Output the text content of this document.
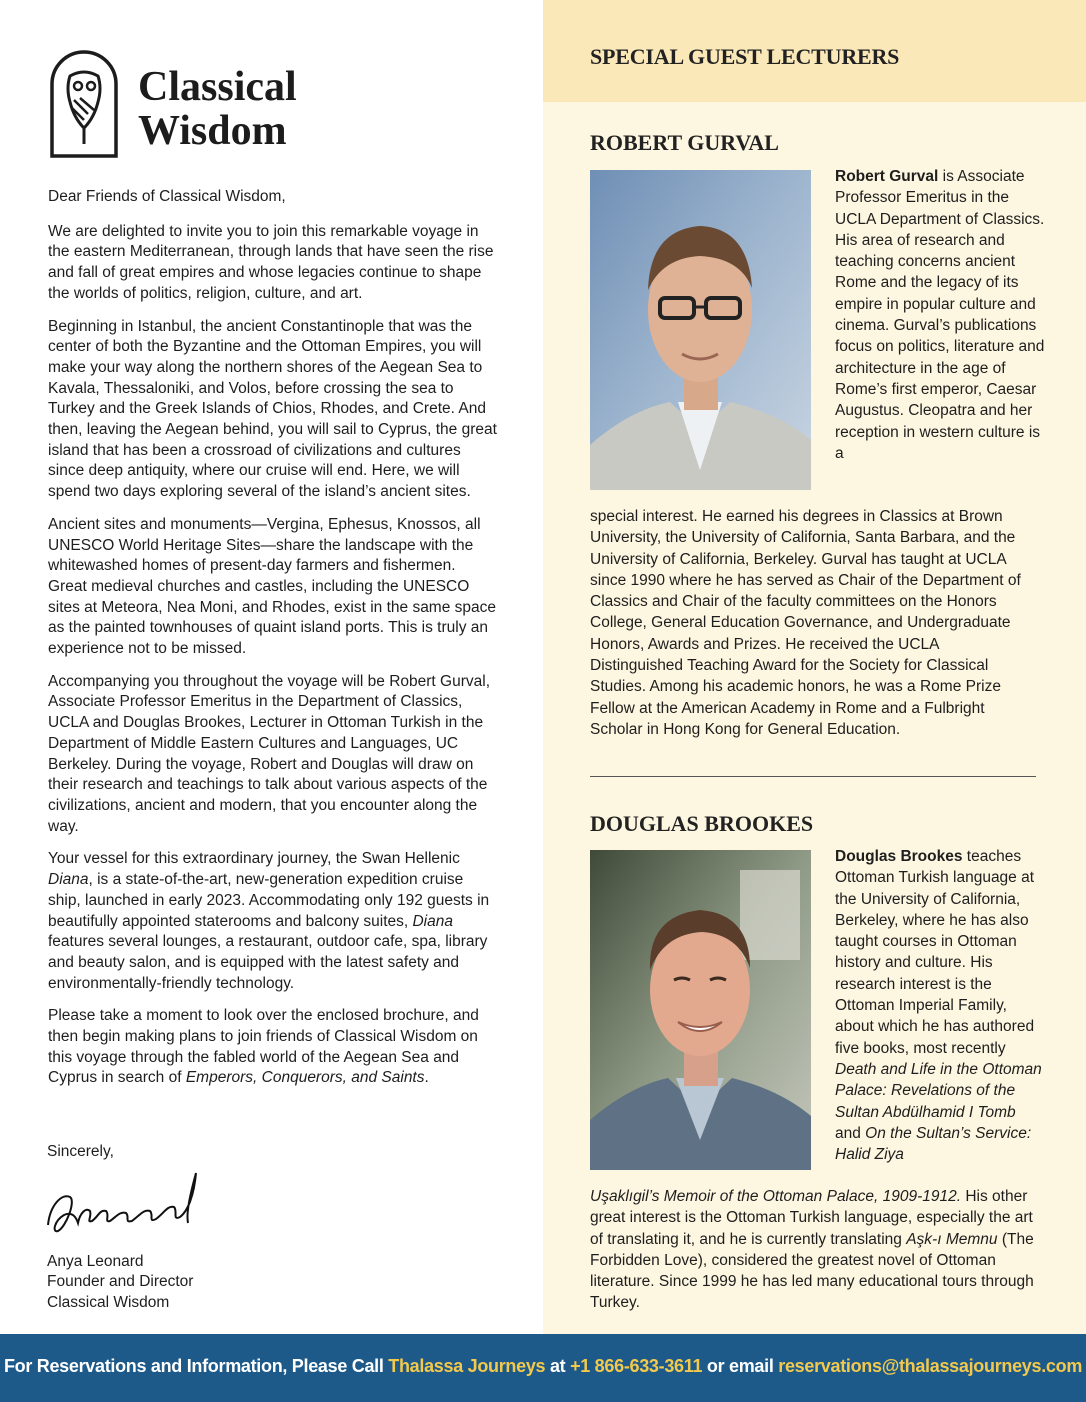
Classical
Wisdom

Dear Friends of Classical Wisdom,

We are delighted to invite you to join this remarkable voyage in the eastern Mediterranean, through lands that have seen the rise and fall of great empires and whose legacies continue to shape the worlds of politics, religion, culture, and art.

Beginning in Istanbul, the ancient Constantinople that was the center of both the Byzantine and the Ottoman Empires, you will make your way along the northern shores of the Aegean Sea to Kavala, Thessaloniki, and Volos, before crossing the sea to Turkey and the Greek Islands of Chios, Rhodes, and Crete. And then, leaving the Aegean behind, you will sail to Cyprus, the great island that has been a crossroad of civilizations and cultures since deep antiquity, where our cruise will end. Here, we will spend two days exploring several of the island’s ancient sites.

Ancient sites and monuments—Vergina, Ephesus, Knossos, all UNESCO World Heritage Sites—share the landscape with the whitewashed homes of present-day farmers and fishermen. Great medieval churches and castles, including the UNESCO sites at Meteora, Nea Moni, and Rhodes, exist in the same space as the painted townhouses of quaint island ports. This is truly an experience not to be missed.

Accompanying you throughout the voyage will be Robert Gurval, Associate Professor Emeritus in the Department of Classics, UCLA and Douglas Brookes, Lecturer in Ottoman Turkish in the Department of Middle Eastern Cultures and Languages, UC Berkeley. During the voyage, Robert and Douglas will draw on their research and teachings to talk about various aspects of the civilizations, ancient and modern, that you encounter along the way.

Your vessel for this extraordinary journey, the Swan Hellenic Diana, is a state-of-the-art, new-generation expedition cruise ship, launched in early 2023. Accommodating only 192 guests in beautifully appointed staterooms and balcony suites, Diana features several lounges, a restaurant, outdoor cafe, spa, library and beauty salon, and is equipped with the latest safety and environmentally-friendly technology.

Please take a moment to look over the enclosed brochure, and then begin making plans to join friends of Classical Wisdom on this voyage through the fabled world of the Aegean Sea and Cyprus in search of Emperors, Conquerors, and Saints.

Sincerely,
Anya Leonard
Founder and Director
Classical Wisdom
SPECIAL GUEST LECTURERS
ROBERT GURVAL
Robert Gurval is Associate Professor Emeritus in the UCLA Department of Classics. His area of research and teaching concerns ancient Rome and the legacy of its empire in popular culture and cinema. Gurval’s publications focus on politics, literature and architecture in the age of Rome’s first emperor, Caesar Augustus. Cleopatra and her reception in western culture is a
special interest. He earned his degrees in Classics at Brown University, the University of California, Santa Barbara, and the University of California, Berkeley. Gurval has taught at UCLA since 1990 where he has served as Chair of the Department of Classics and Chair of the faculty committees on the Honors College, General Education Governance, and Undergraduate Honors, Awards and Prizes. He received the UCLA Distinguished Teaching Award for the Society for Classical Studies. Among his academic honors, he was a Rome Prize Fellow at the American Academy in Rome and a Fulbright Scholar in Hong Kong for General Education.
DOUGLAS BROOKES
Douglas Brookes teaches Ottoman Turkish language at the University of California, Berkeley, where he has also taught courses in Ottoman history and culture. His research interest is the Ottoman Imperial Family, about which he has authored five books, most recently Death and Life in the Ottoman Palace: Revelations of the Sultan Abdülhamid I Tomb and On the Sultan’s Service: Halid Ziya
Uşaklıgil’s Memoir of the Ottoman Palace, 1909-1912. His other great interest is the Ottoman Turkish language, especially the art of translating it, and he is currently translating Aşk-ı Memnu (The Forbidden Love), considered the greatest novel of Ottoman literature. Since 1999 he has led many educational tours through Turkey.
For Reservations and Information, Please Call Thalassa Journeys at +1 866-633-3611 or email reservations@thalassajourneys.com
